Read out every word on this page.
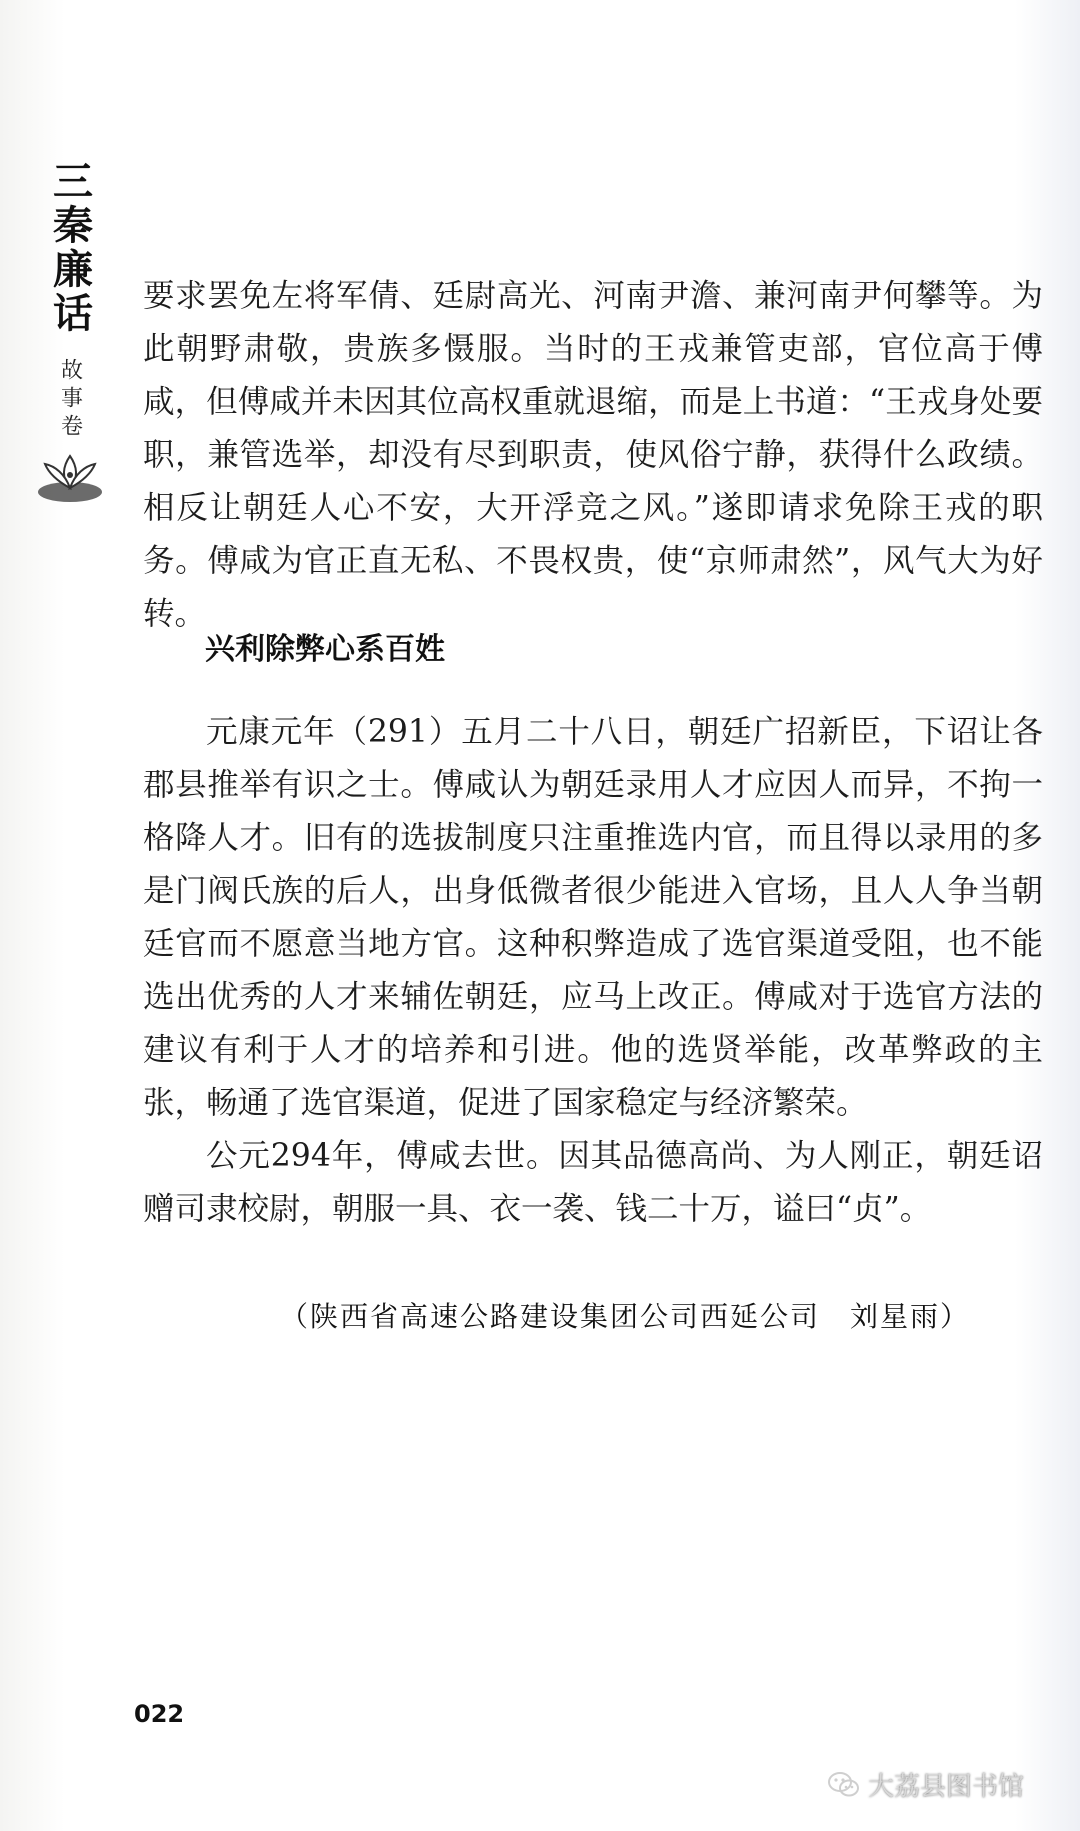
三秦廉话
故事卷

要求罢免左将军倩、廷尉高光、河南尹澹、兼河南尹何攀等。为此朝野肃敬，贵族多慑服。当时的王戎兼管吏部，官位高于傅咸，但傅咸并未因其位高权重就退缩，而是上书道：“王戎身处要职，兼管选举，却没有尽到职责，使风俗宁静，获得什么政绩。相反让朝廷人心不安，大开浮竞之风。”遂即请求免除王戎的职务。傅咸为官正直无私、不畏权贵，使“京师肃然”，风气大为好转。

兴利除弊心系百姓

元康元年（291）五月二十八日，朝廷广招新臣，下诏让各郡县推举有识之士。傅咸认为朝廷录用人才应因人而异，不拘一格降人才。旧有的选拔制度只注重推选内官，而且得以录用的多是门阀氏族的后人，出身低微者很少能进入官场，且人人争当朝廷官而不愿意当地方官。这种积弊造成了选官渠道受阻，也不能选出优秀的人才来辅佐朝廷，应马上改正。傅咸对于选官方法的建议有利于人才的培养和引进。他的选贤举能，改革弊政的主张，畅通了选官渠道，促进了国家稳定与经济繁荣。

公元294年，傅咸去世。因其品德高尚、为人刚正，朝廷诏赠司隶校尉，朝服一具、衣一袭、钱二十万，谥曰“贞”。

（陕西省高速公路建设集团公司西延公司　刘星雨）
022
大荔县图书馆
